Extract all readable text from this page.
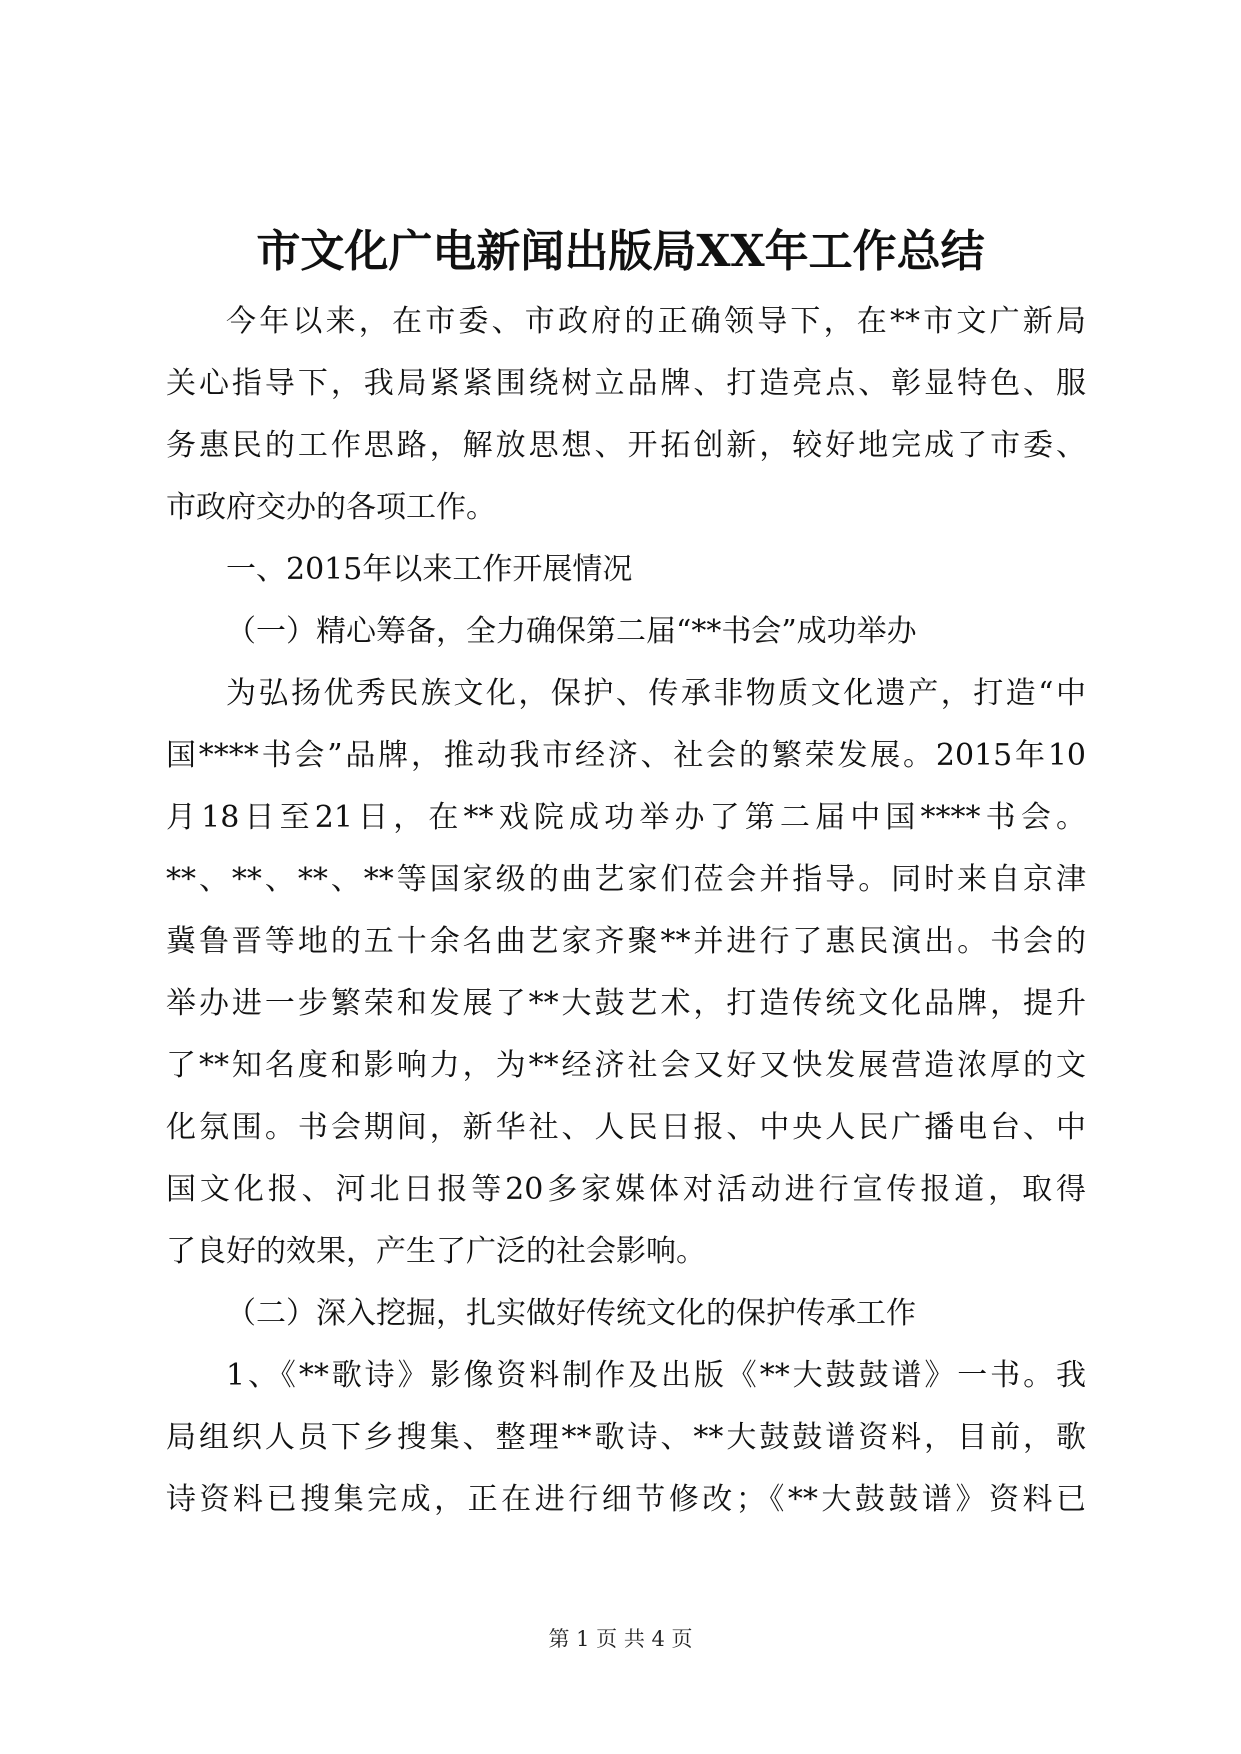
市文化广电新闻出版局XX年工作总结
今年以来，在市委、市政府的正确领导下，在**市文广新局
关心指导下，我局紧紧围绕树立品牌、打造亮点、彰显特色、服
务惠民的工作思路，解放思想、开拓创新，较好地完成了市委、
市政府交办的各项工作。
一、2015年以来工作开展情况
（一）精心筹备，全力确保第二届“**书会”成功举办
为弘扬优秀民族文化，保护、传承非物质文化遗产，打造“中
国****书会”品牌，推动我市经济、社会的繁荣发展。2015年10
月18日至21日，在**戏院成功举办了第二届中国****书会。
**、**、**、**等国家级的曲艺家们莅会并指导。同时来自京津
冀鲁晋等地的五十余名曲艺家齐聚**并进行了惠民演出。书会的
举办进一步繁荣和发展了**大鼓艺术，打造传统文化品牌，提升
了**知名度和影响力，为**经济社会又好又快发展营造浓厚的文
化氛围。书会期间，新华社、人民日报、中央人民广播电台、中
国文化报、河北日报等20多家媒体对活动进行宣传报道，取得
了良好的效果，产生了广泛的社会影响。
（二）深入挖掘，扎实做好传统文化的保护传承工作
1、《**歌诗》影像资料制作及出版《**大鼓鼓谱》一书。我
局组织人员下乡搜集、整理**歌诗、**大鼓鼓谱资料，目前，歌
诗资料已搜集完成，正在进行细节修改；《**大鼓鼓谱》资料已
第 1 页 共 4 页
